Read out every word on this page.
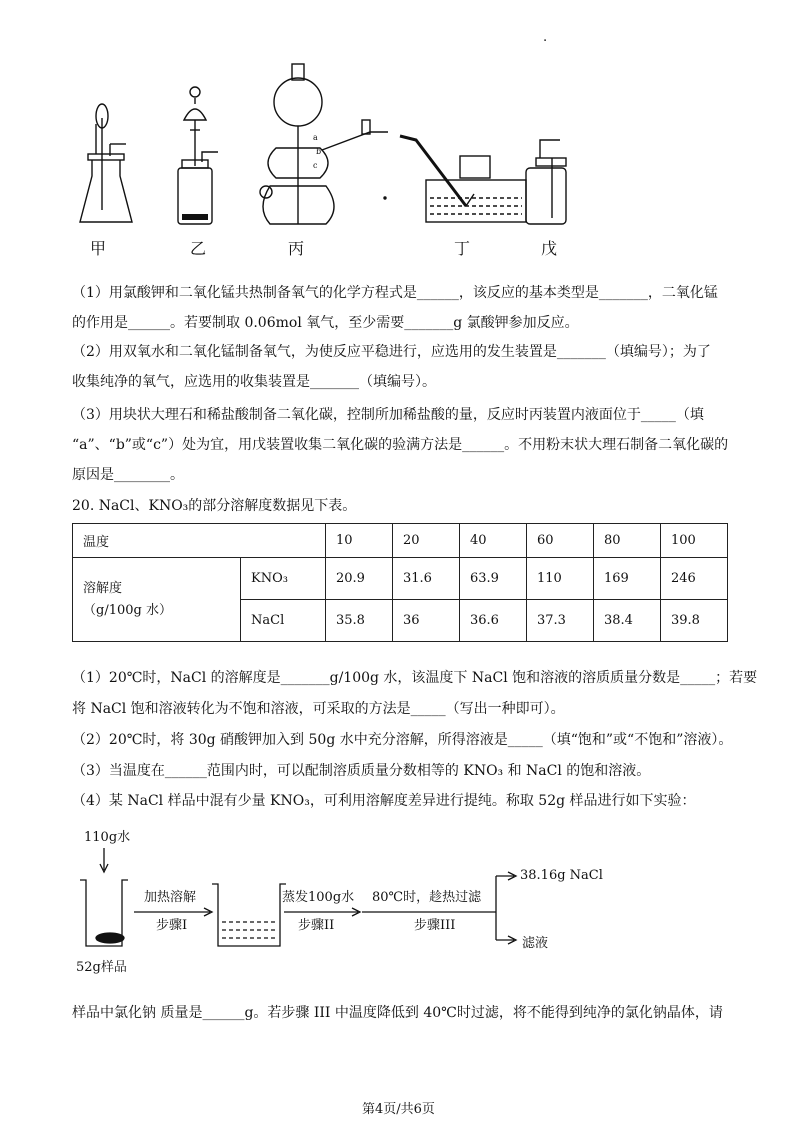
.
a
b
c
甲	乙	丙	丁	戊
（1）用氯酸钾和二氧化锰共热制备氧气的化学方程式是______，该反应的基本类型是_______，二氧化锰
的作用是______。若要制取 0.06mol 氧气，至少需要_______g 氯酸钾参加反应。
（2）用双氧水和二氧化锰制备氧气，为使反应平稳进行，应选用的发生装置是_______（填编号）；为了
收集纯净的氧气，应选用的收集装置是_______（填编号）。
（3）用块状大理石和稀盐酸制备二氧化碳，控制所加稀盐酸的量，反应时丙装置内液面位于_____（填
“a”、“b”或“c”）处为宜，用戊装置收集二氧化碳的验满方法是______。不用粉末状大理石制备二氧化碳的
原因是________。
20. NaCl、KNO₃的部分溶解度数据见下表。
温度		10	20	40	60	80	100

溶解度
（g/100g 水）	KNO₃	20.9	31.6	63.9	110	169	246
	NaCl	35.8	36	36.6	37.3	38.4	39.8
（1）20℃时，NaCl 的溶解度是_______g/100g 水，该温度下 NaCl 饱和溶液的溶质质量分数是_____；若要
将 NaCl 饱和溶液转化为不饱和溶液，可采取的方法是_____（写出一种即可）。
（2）20℃时，将 30g 硝酸钾加入到 50g 水中充分溶解，所得溶液是_____（填“饱和”或“不饱和”溶液）。
（3）当温度在______范围内时，可以配制溶质质量分数相等的 KNO₃ 和 NaCl 的饱和溶液。
（4）某 NaCl 样品中混有少量 KNO₃，可利用溶解度差异进行提纯。称取 52g 样品进行如下实验：
110g水
加热溶解
步骤I
蒸发100g水
步骤II
80℃时，趁热过滤
步骤III
38.16g NaCl
滤液
52g样品
样品中氯化钠 质量是______g。若步骤 III 中温度降低到 40℃时过滤，将不能得到纯净的氯化钠晶体，请
第4页/共6页
